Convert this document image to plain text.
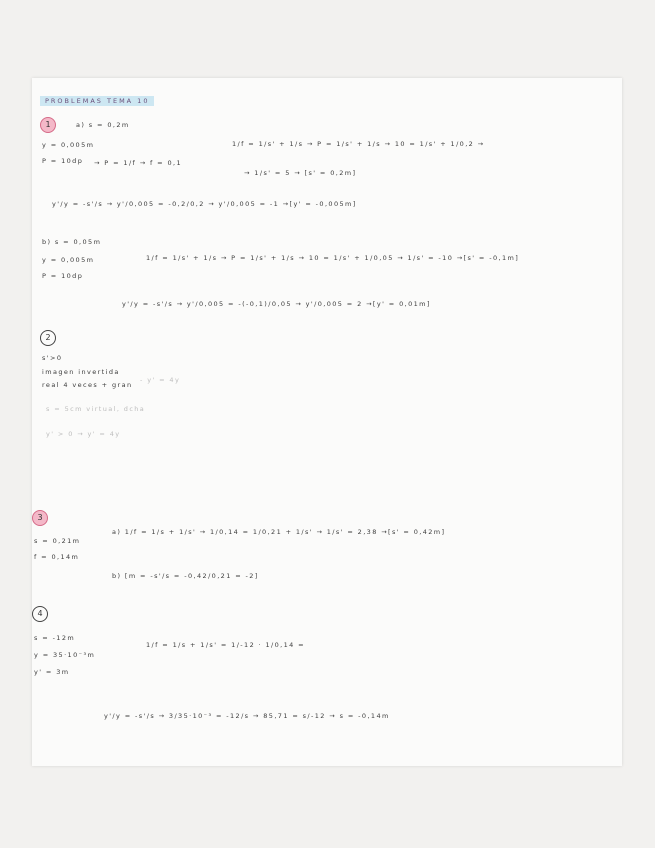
PROBLEMAS TEMA 10
1	a) s = 0,2m
y = 0,005m
P = 10dp
1/f = 1/s' + 1/s → P = 1/s' + 1/s → 10 = 1/s' + 1/0,2 →
→ P = 1/f → f = 0,1
→ 1/s' = 5 → [s' = 0,2m]
y'/y = -s'/s → y'/0,005 = -0,2/0,2 → y'/0,005 = -1 →[y' = -0,005m]
b) s = 0,05m
y = 0,005m
P = 10dp
1/f = 1/s' + 1/s → P = 1/s' + 1/s → 10 = 1/s' + 1/0,05 → 1/s' = -10 →[s' = -0,1m]
y'/y = -s'/s → y'/0,005 = -(-0,1)/0,05 → y'/0,005 = 2 →[y' = 0,01m]
2
s'>0
imagen invertida
real 4 veces + gran
- y' = 4y
s = 5cm virtual, dcha
y' > 0 → y' = 4y
3
s = 0,21m
f = 0,14m
a) 1/f = 1/s + 1/s' → 1/0,14 = 1/0,21 + 1/s' → 1/s' = 2,38 →[s' = 0,42m]
b) [m = -s'/s = -0,42/0,21 = -2]
4
s = -12m
y = 35·10⁻³m
y' = 3m
1/f = 1/s + 1/s' = 1/-12 · 1/0,14 =
y'/y = -s'/s → 3/35·10⁻³ = -12/s → 85,71 = s/-12 → s = -0,14m
